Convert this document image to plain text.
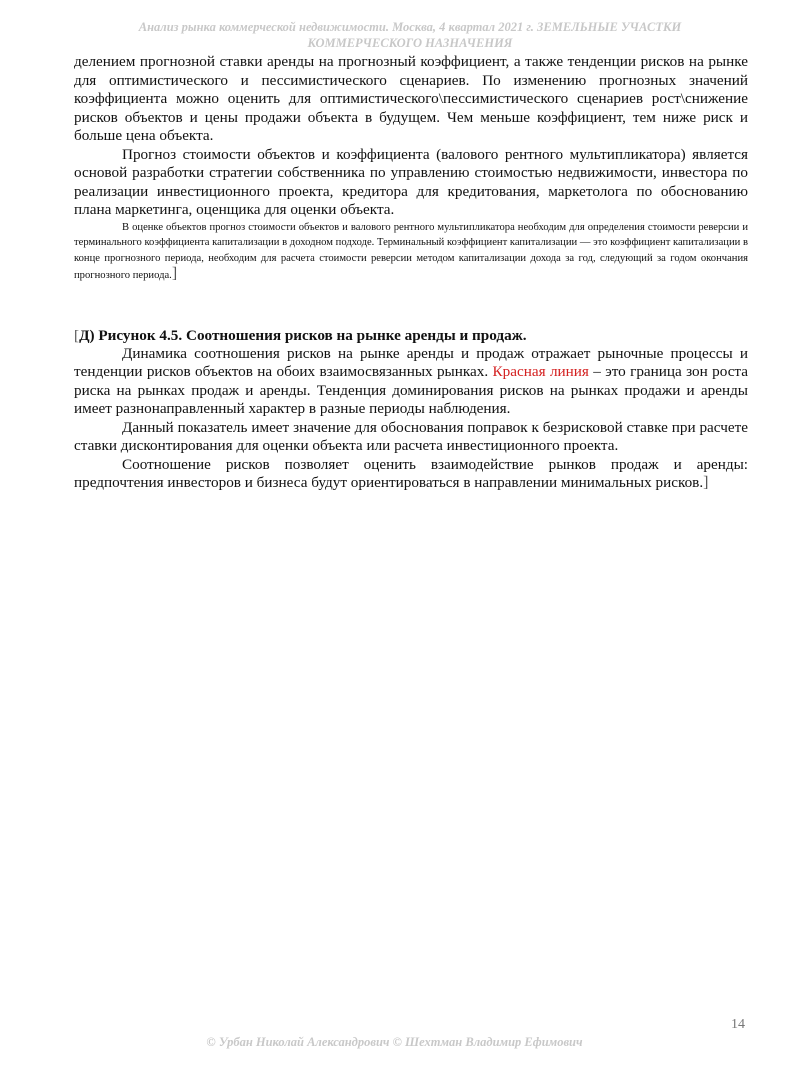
Анализ рынка коммерческой недвижимости. Москва, 4 квартал 2021 г. ЗЕМЕЛЬНЫЕ УЧАСТКИ
КОММЕРЧЕСКОГО НАЗНАЧЕНИЯ

делением прогнозной ставки аренды на прогнозный коэффициент, а также тенденции рисков на рынке для оптимистического и пессимистического сценариев. По изменению прогнозных значений коэффициента можно оценить для оптимистического\пессимистического сценариев рост\снижение рисков объектов и цены продажи объекта в будущем. Чем меньше коэффициент, тем ниже риск и больше цена объекта.

Прогноз стоимости объектов и коэффициента (валового рентного мультипликатора) является основой разработки стратегии собственника по управлению стоимостью недвижимости, инвестора по реализации инвестиционного проекта, кредитора для кредитования, маркетолога по обоснованию плана маркетинга, оценщика для оценки объекта.

В оценке объектов прогноз стоимости объектов и валового рентного мультипликатора необходим для определения стоимости реверсии и терминального коэффициента капитализации в доходном подходе. Терминальный коэффициент капитализации — это коэффициент капитализации в конце прогнозного периода, необходим для расчета стоимости реверсии методом капитализации дохода за год, следующий за годом окончания прогнозного периода.]

[Д) Рисунок 4.5. Соотношения рисков на рынке аренды и продаж.

Динамика соотношения рисков на рынке аренды и продаж отражает рыночные процессы и тенденции рисков объектов на обоих взаимосвязанных рынках. Красная линия – это граница зон роста риска на рынках продаж и аренды. Тенденция доминирования рисков на рынках продажи и аренды имеет разнонаправленный характер в разные периоды наблюдения.

Данный показатель имеет значение для обоснования поправок к безрисковой ставке при расчете ставки дисконтирования для оценки объекта или расчета инвестиционного проекта.

Соотношение рисков позволяет оценить взаимодействие рынков продаж и аренды: предпочтения инвесторов и бизнеса будут ориентироваться в направлении минимальных рисков.]

14
© Урбан Николай Александрович © Шехтман Владимир Ефимович
